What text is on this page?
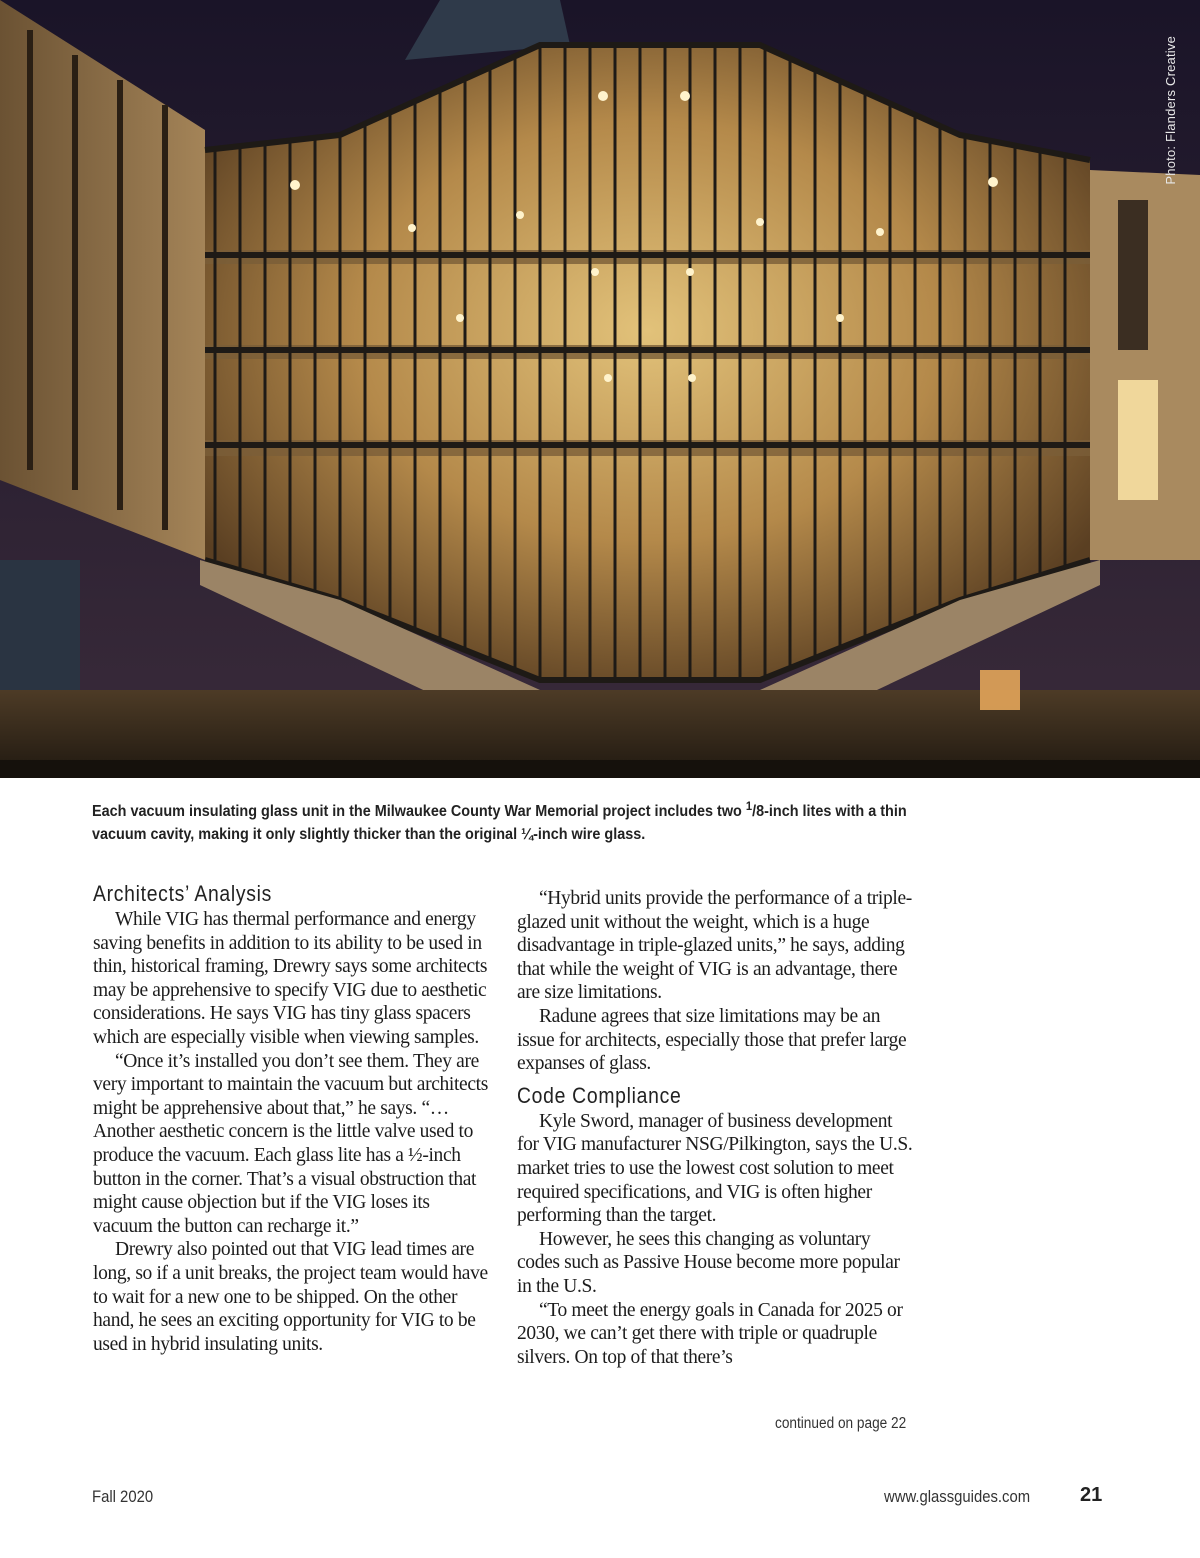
Photo: Flanders Creative
Each vacuum insulating glass unit in the Milwaukee County War Memorial project includes two $^1$/8-inch lites with a thin vacuum cavity, making it only slightly thicker than the original ¼-inch wire glass.
Architects’ Analysis

While VIG has thermal performance and energy saving benefits in addition to its ability to be used in thin, historical framing, Drewry says some architects may be apprehensive to specify VIG due to aesthetic considerations. He says VIG has tiny glass spacers which are especially visible when viewing samples.

“Once it’s installed you don’t see them. They are very important to maintain the vacuum but architects might be apprehensive about that,” he says. “… Another aesthetic concern is the little valve used to produce the vacuum. Each glass lite has a ½-inch button in the corner. That’s a visual obstruction that might cause objection but if the VIG loses its vacuum the button can recharge it.”

Drewry also pointed out that VIG lead times are long, so if a unit breaks, the project team would have to wait for a new one to be shipped. On the other hand, he sees an exciting opportunity for VIG to be used in hybrid insulating units.

“Hybrid units provide the performance of a triple-glazed unit without the weight, which is a huge disadvantage in triple-glazed units,” he says, adding that while the weight of VIG is an advantage, there are size limitations.

Radune agrees that size limitations may be an issue for architects, especially those that prefer large expanses of glass.

Code Compliance

Kyle Sword, manager of business development for VIG manufacturer NSG/Pilkington, says the U.S. market tries to use the lowest cost solution to meet required specifications, and VIG is often higher performing than the target.

However, he sees this changing as voluntary codes such as Passive House become more popular in the U.S.

“To meet the energy goals in Canada for 2025 or 2030, we can’t get there with triple or quadruple silvers. On top of that there’s

continued on page 22
Fall 2020	www.glassguides.com 21
